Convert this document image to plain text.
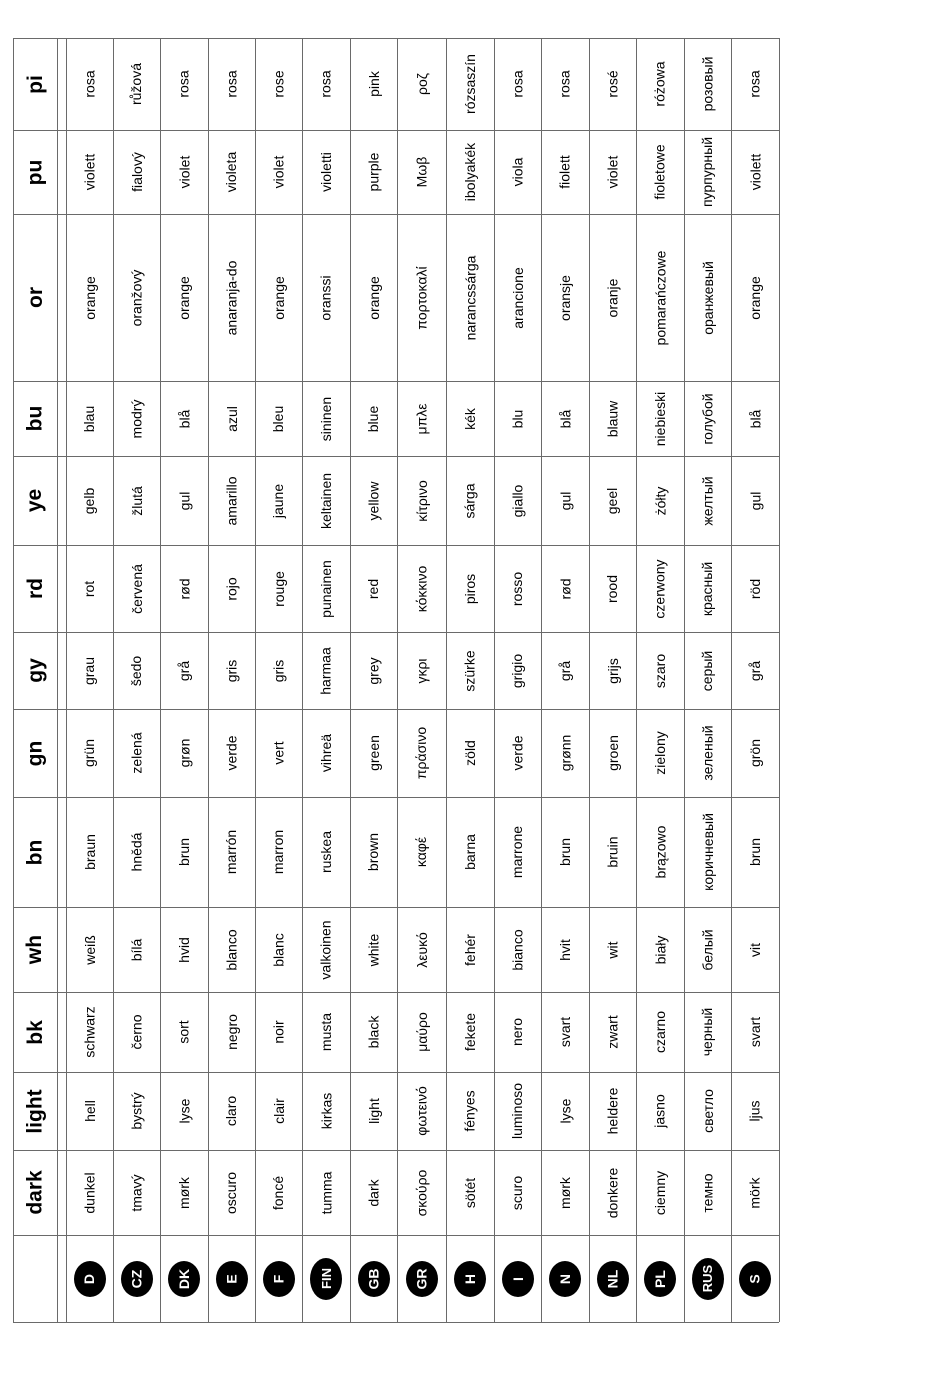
dark
light
bk
wh
bn
gn
gy
rd
ye
bu
or
pu
pi
D
dunkel
hell
schwarz
weiß
braun
grün
grau
rot
gelb
blau
orange
violett
rosa
CZ
tmavý
bystrý
černo
bílá
hnědá
zelená
šedo
červená
žlutá
modrý
oranžový
fialový
růžová
DK
mørk
lyse
sort
hvid
brun
grøn
grå
rød
gul
blå
orange
violet
rosa
E
oscuro
claro
negro
blanco
marrón
verde
gris
rojo
amarillo
azul
anaranja-do
violeta
rosa
F
foncé
clair
noir
blanc
marron
vert
gris
rouge
jaune
bleu
orange
violet
rose
FIN
tumma
kirkas
musta
valkoinen
ruskea
vihreä
harmaa
punainen
keltainen
sininen
oranssi
violetti
rosa
GB
dark
light
black
white
brown
green
grey
red
yellow
blue
orange
purple
pink
GR
σκούρο
φωτεινό
μαύρο
λευκό
καφέ
πράσινο
γκρι
κόκκινο
κίτρινο
μπλε
πορτοκαλί
Μωβ
ροζ
H
sötét
fényes
fekete
fehér
barna
zöld
szürke
piros
sárga
kék
narancssárga
ibolyakék
rózsaszín
I
scuro
luminoso
nero
bianco
marrone
verde
grigio
rosso
giallo
blu
arancione
viola
rosa
N
mørk
lyse
svart
hvit
brun
grønn
grå
rød
gul
blå
oransje
fiolett
rosa
NL
donkere
heldere
zwart
wit
bruin
groen
grijs
rood
geel
blauw
oranje
violet
rosé
PL
ciemny
jasno
czarno
biały
brązowo
zielony
szaro
czerwony
żółty
niebieski
pomarańczowe
fioletowe
różowa
RUS
темно
светло
черный
белый
коричневый
зеленый
серый
красный
желтый
голубой
оранжевый
пурпурный
розовый
S
mörk
ljus
svart
vit
brun
grön
grå
röd
gul
blå
orange
violett
rosa
